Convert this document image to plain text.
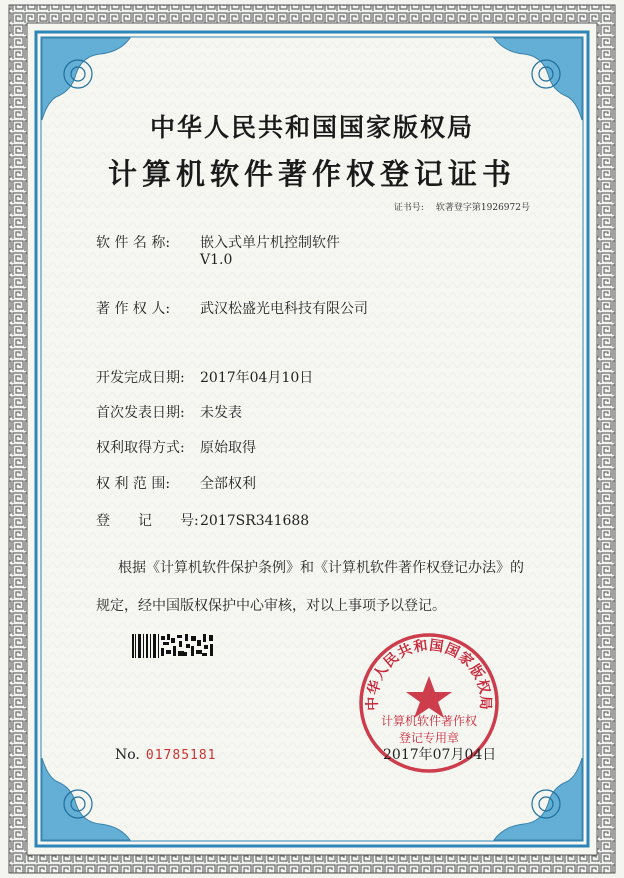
中华人民共和国国家版权局
计算机软件著作权登记证书
证书号: 软著登字第1926972号
软 件 名 称: 嵌入式单片机控制软件
V1.0
著 作 权 人: 武汉松盛光电科技有限公司
开发完成日期: 2017年04月10日
首次发表日期: 未发表
权利取得方式: 原始取得
权 利 范 围: 全部权利
登　　记　　号:2017SR341688
根据《计算机软件保护条例》和《计算机软件著作权登记办法》的
规定，经中国版权保护中心审核，对以上事项予以登记。
中华人民共和国国家版权局
计算机软件著作权
登记专用章
No. 01785181	2017年07月04日
